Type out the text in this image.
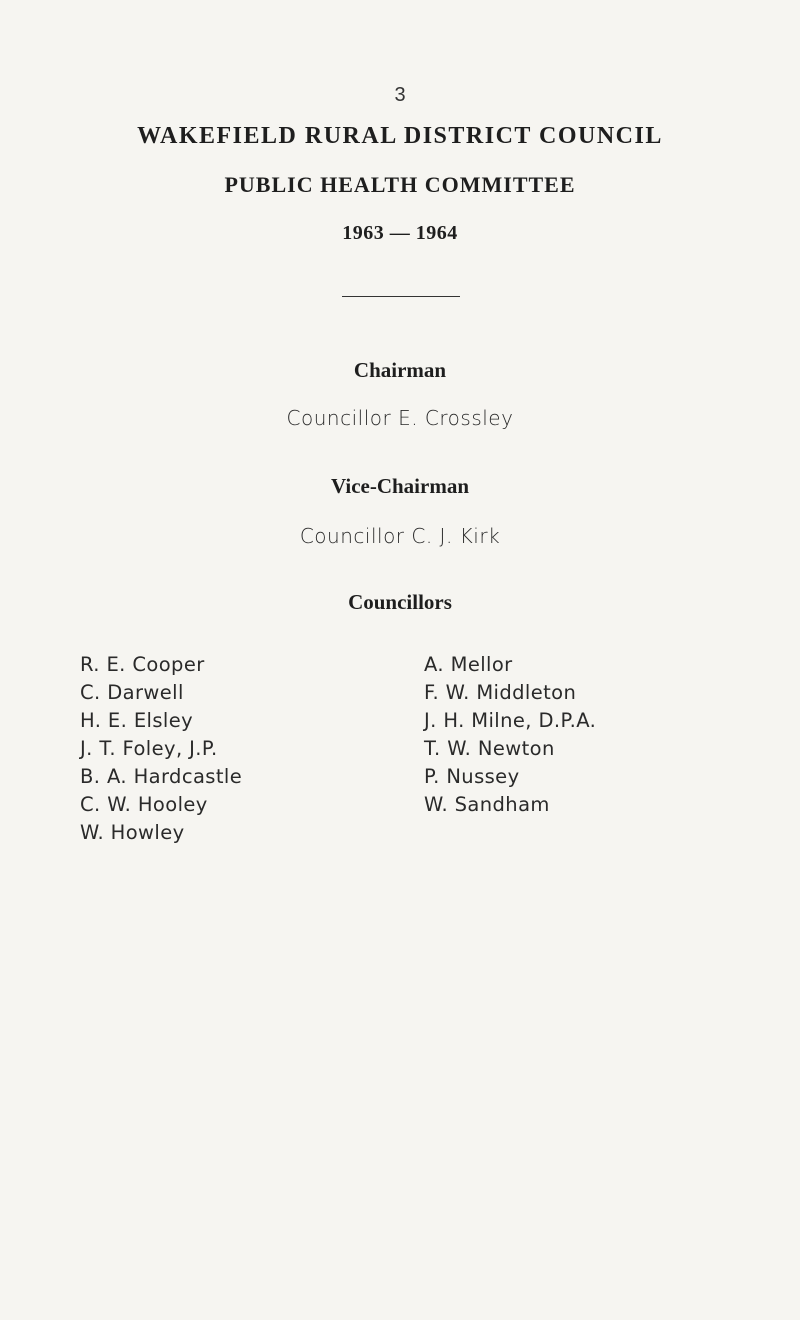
3
WAKEFIELD RURAL DISTRICT COUNCIL
PUBLIC HEALTH COMMITTEE
1963 — 1964
Chairman
Councillor E. Crossley
Vice-Chairman
Councillor C. J. Kirk
Councillors
R. E. Cooper
C. Darwell
H. E. Elsley
J. T. Foley, J.P.
B. A. Hardcastle
C. W. Hooley
W. Howley
A. Mellor
F. W. Middleton
J. H. Milne, D.P.A.
T. W. Newton
P. Nussey
W. Sandham
